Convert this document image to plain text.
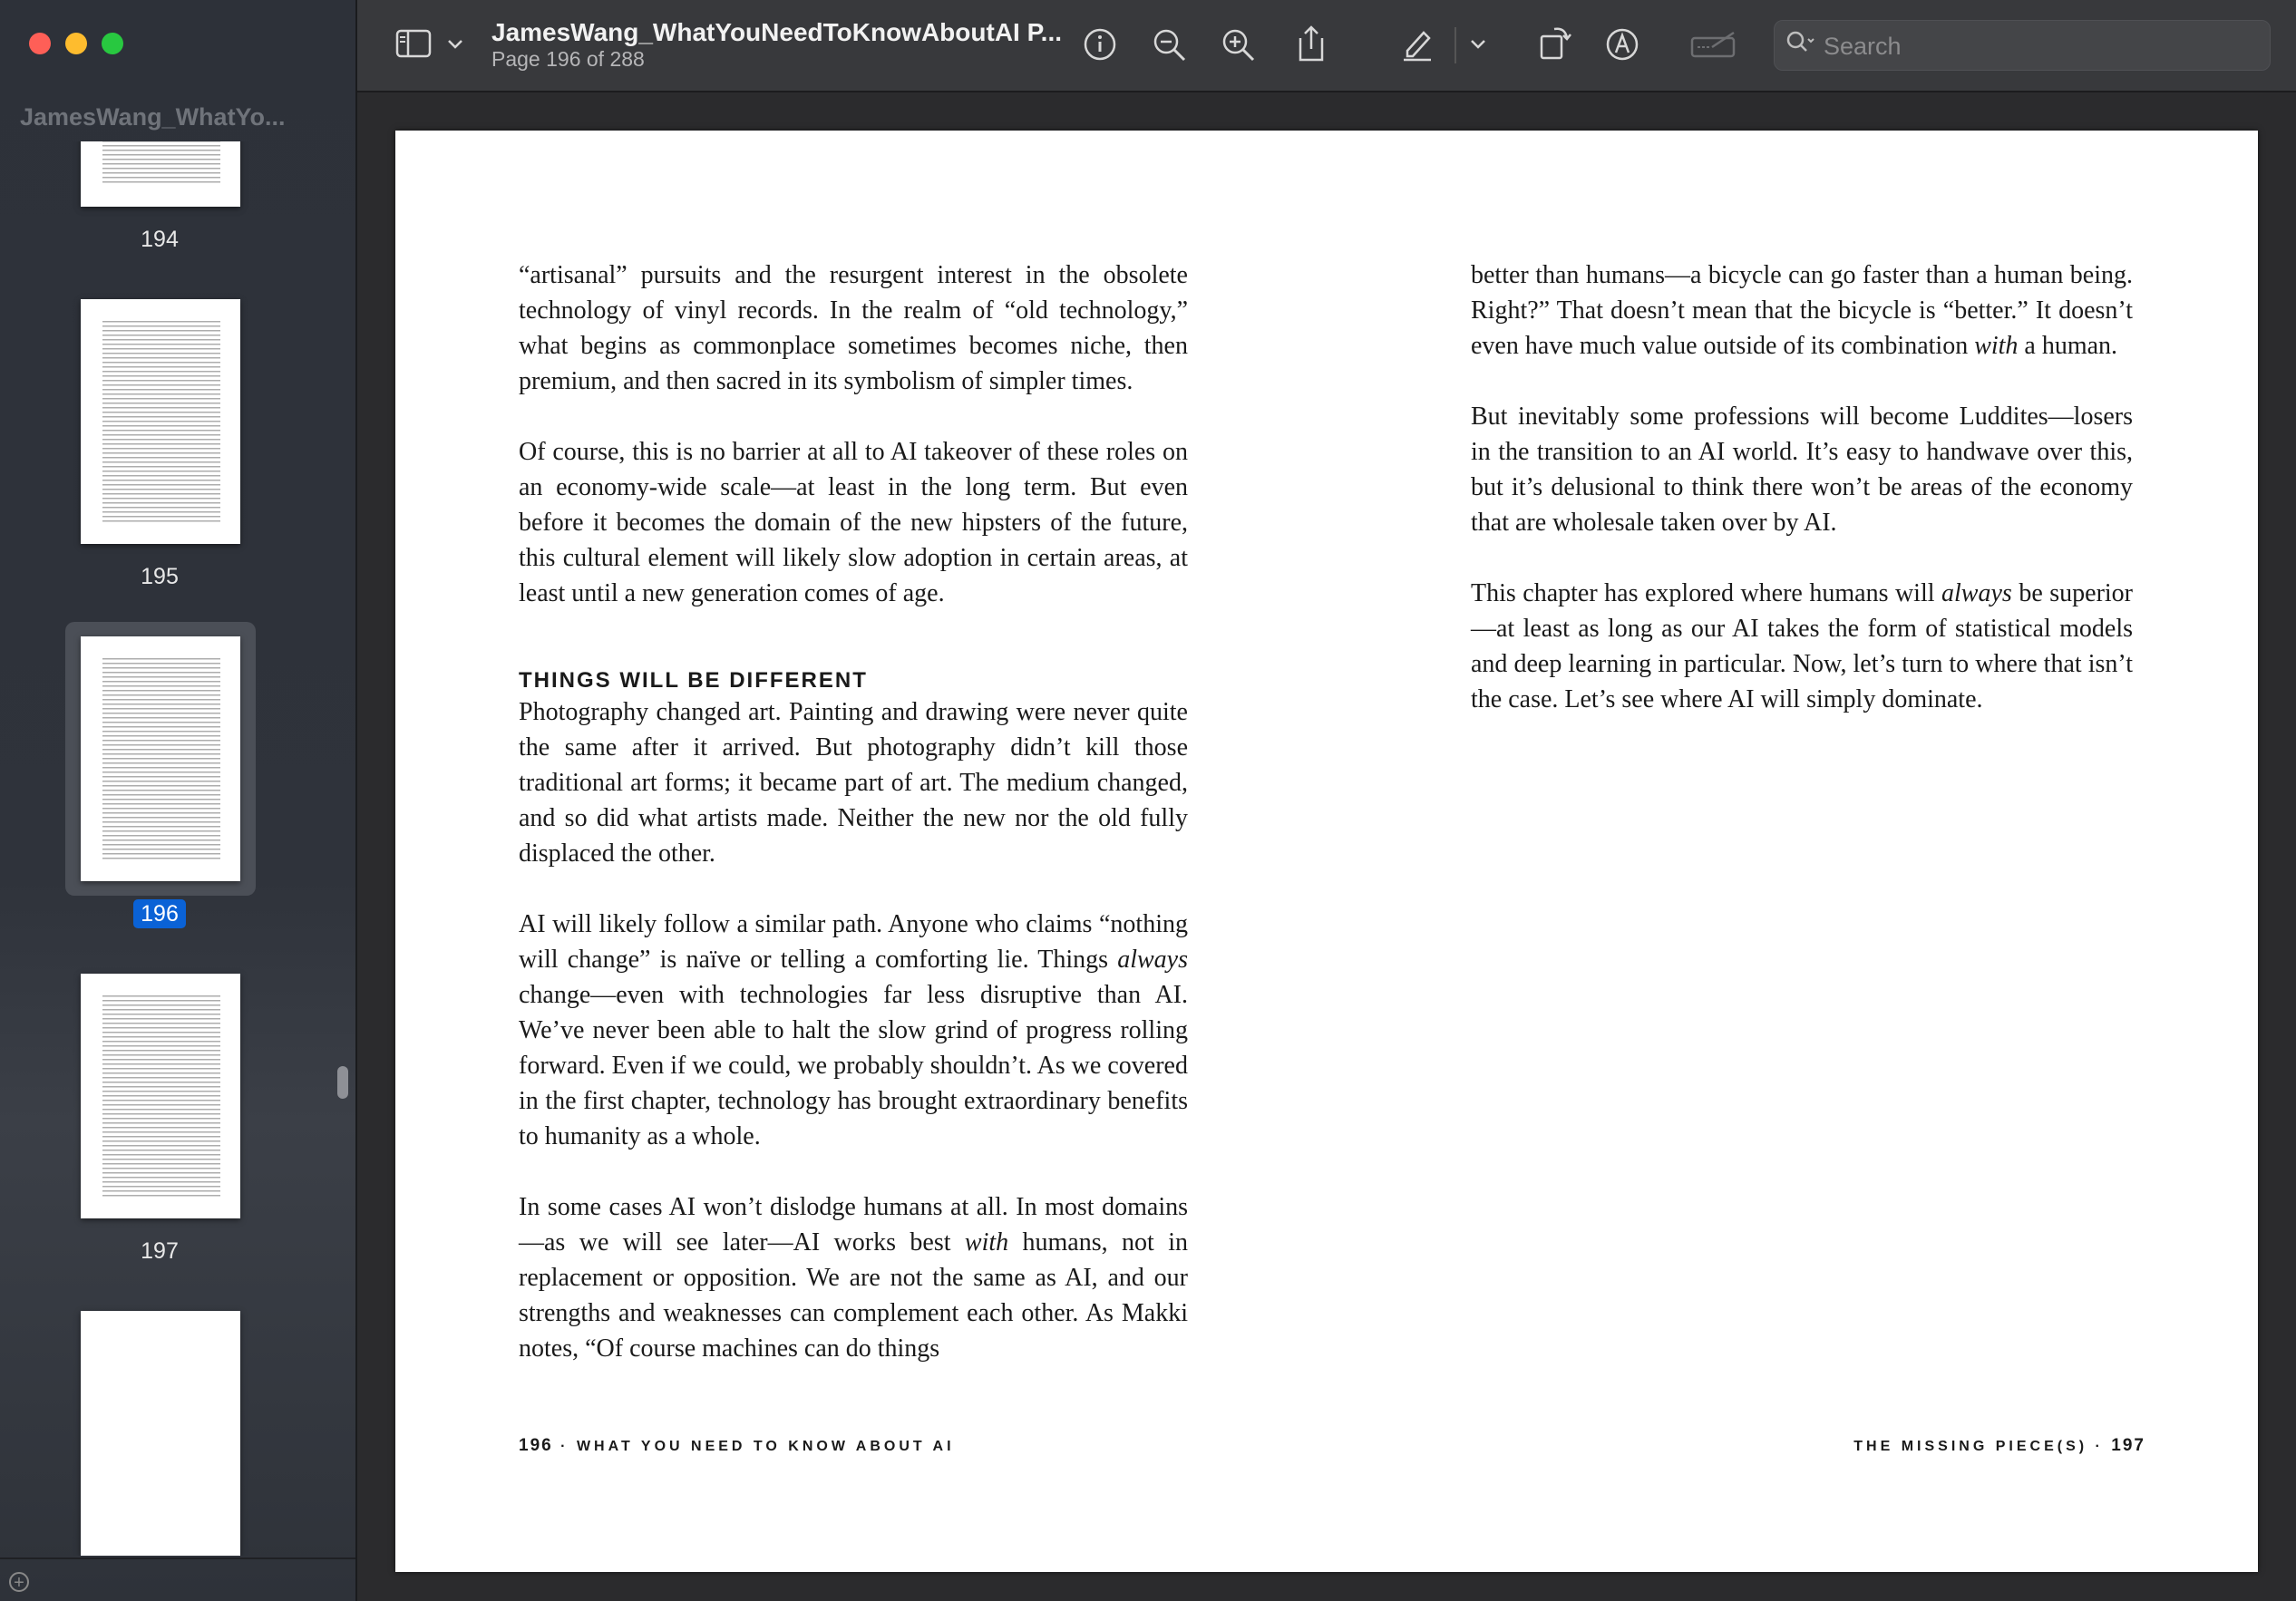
JamesWang_WhatYo...
194
195
196
197
+
JamesWang_WhatYouNeedToKnowAboutAI P...
Page 196 of 288
Search

“artisanal” pursuits and the resurgent interest in the obsolete technology of vinyl records. In the realm of “old technology,” what begins as commonplace sometimes becomes niche, then premium, and then sacred in its symbolism of simpler times.

Of course, this is no barrier at all to AI takeover of these roles on an economy-wide scale—at least in the long term. But even before it becomes the domain of the new hipsters of the future, this cultural element will likely slow adoption in certain areas, at least until a new generation comes of age.

THINGS WILL BE DIFFERENT

Photography changed art. Painting and drawing were never quite the same after it arrived. But photography didn’t kill those traditional art forms; it became part of art. The medium changed, and so did what artists made. Neither the new nor the old fully displaced the other.

AI will likely follow a similar path. Anyone who claims “nothing will change” is naïve or telling a comforting lie. Things always change—even with technologies far less disruptive than AI. We’ve never been able to halt the slow grind of progress rolling forward. Even if we could, we probably shouldn’t. As we covered in the first chapter, technology has brought extraordinary benefits to humanity as a whole.

In some cases AI won’t dislodge humans at all. In most domains—as we will see later—AI works best with humans, not in replacement or opposition. We are not the same as AI, and our strengths and weaknesses can complement each other. As Makki notes, “Of course machines can do things

better than humans—a bicycle can go faster than a human being. Right?” That doesn’t mean that the bicycle is “better.” It doesn’t even have much value outside of its combination with a human.

But inevitably some professions will become Luddites—losers in the transition to an AI world. It’s easy to handwave over this, but it’s delusional to think there won’t be areas of the economy that are wholesale taken over by AI.

This chapter has explored where humans will always be superior—at least as long as our AI takes the form of statistical models and deep learning in particular. Now, let’s turn to where that isn’t the case. Let’s see where AI will simply dominate.

196 · WHAT YOU NEED TO KNOW ABOUT AI	THE MISSING PIECE(S) · 197
